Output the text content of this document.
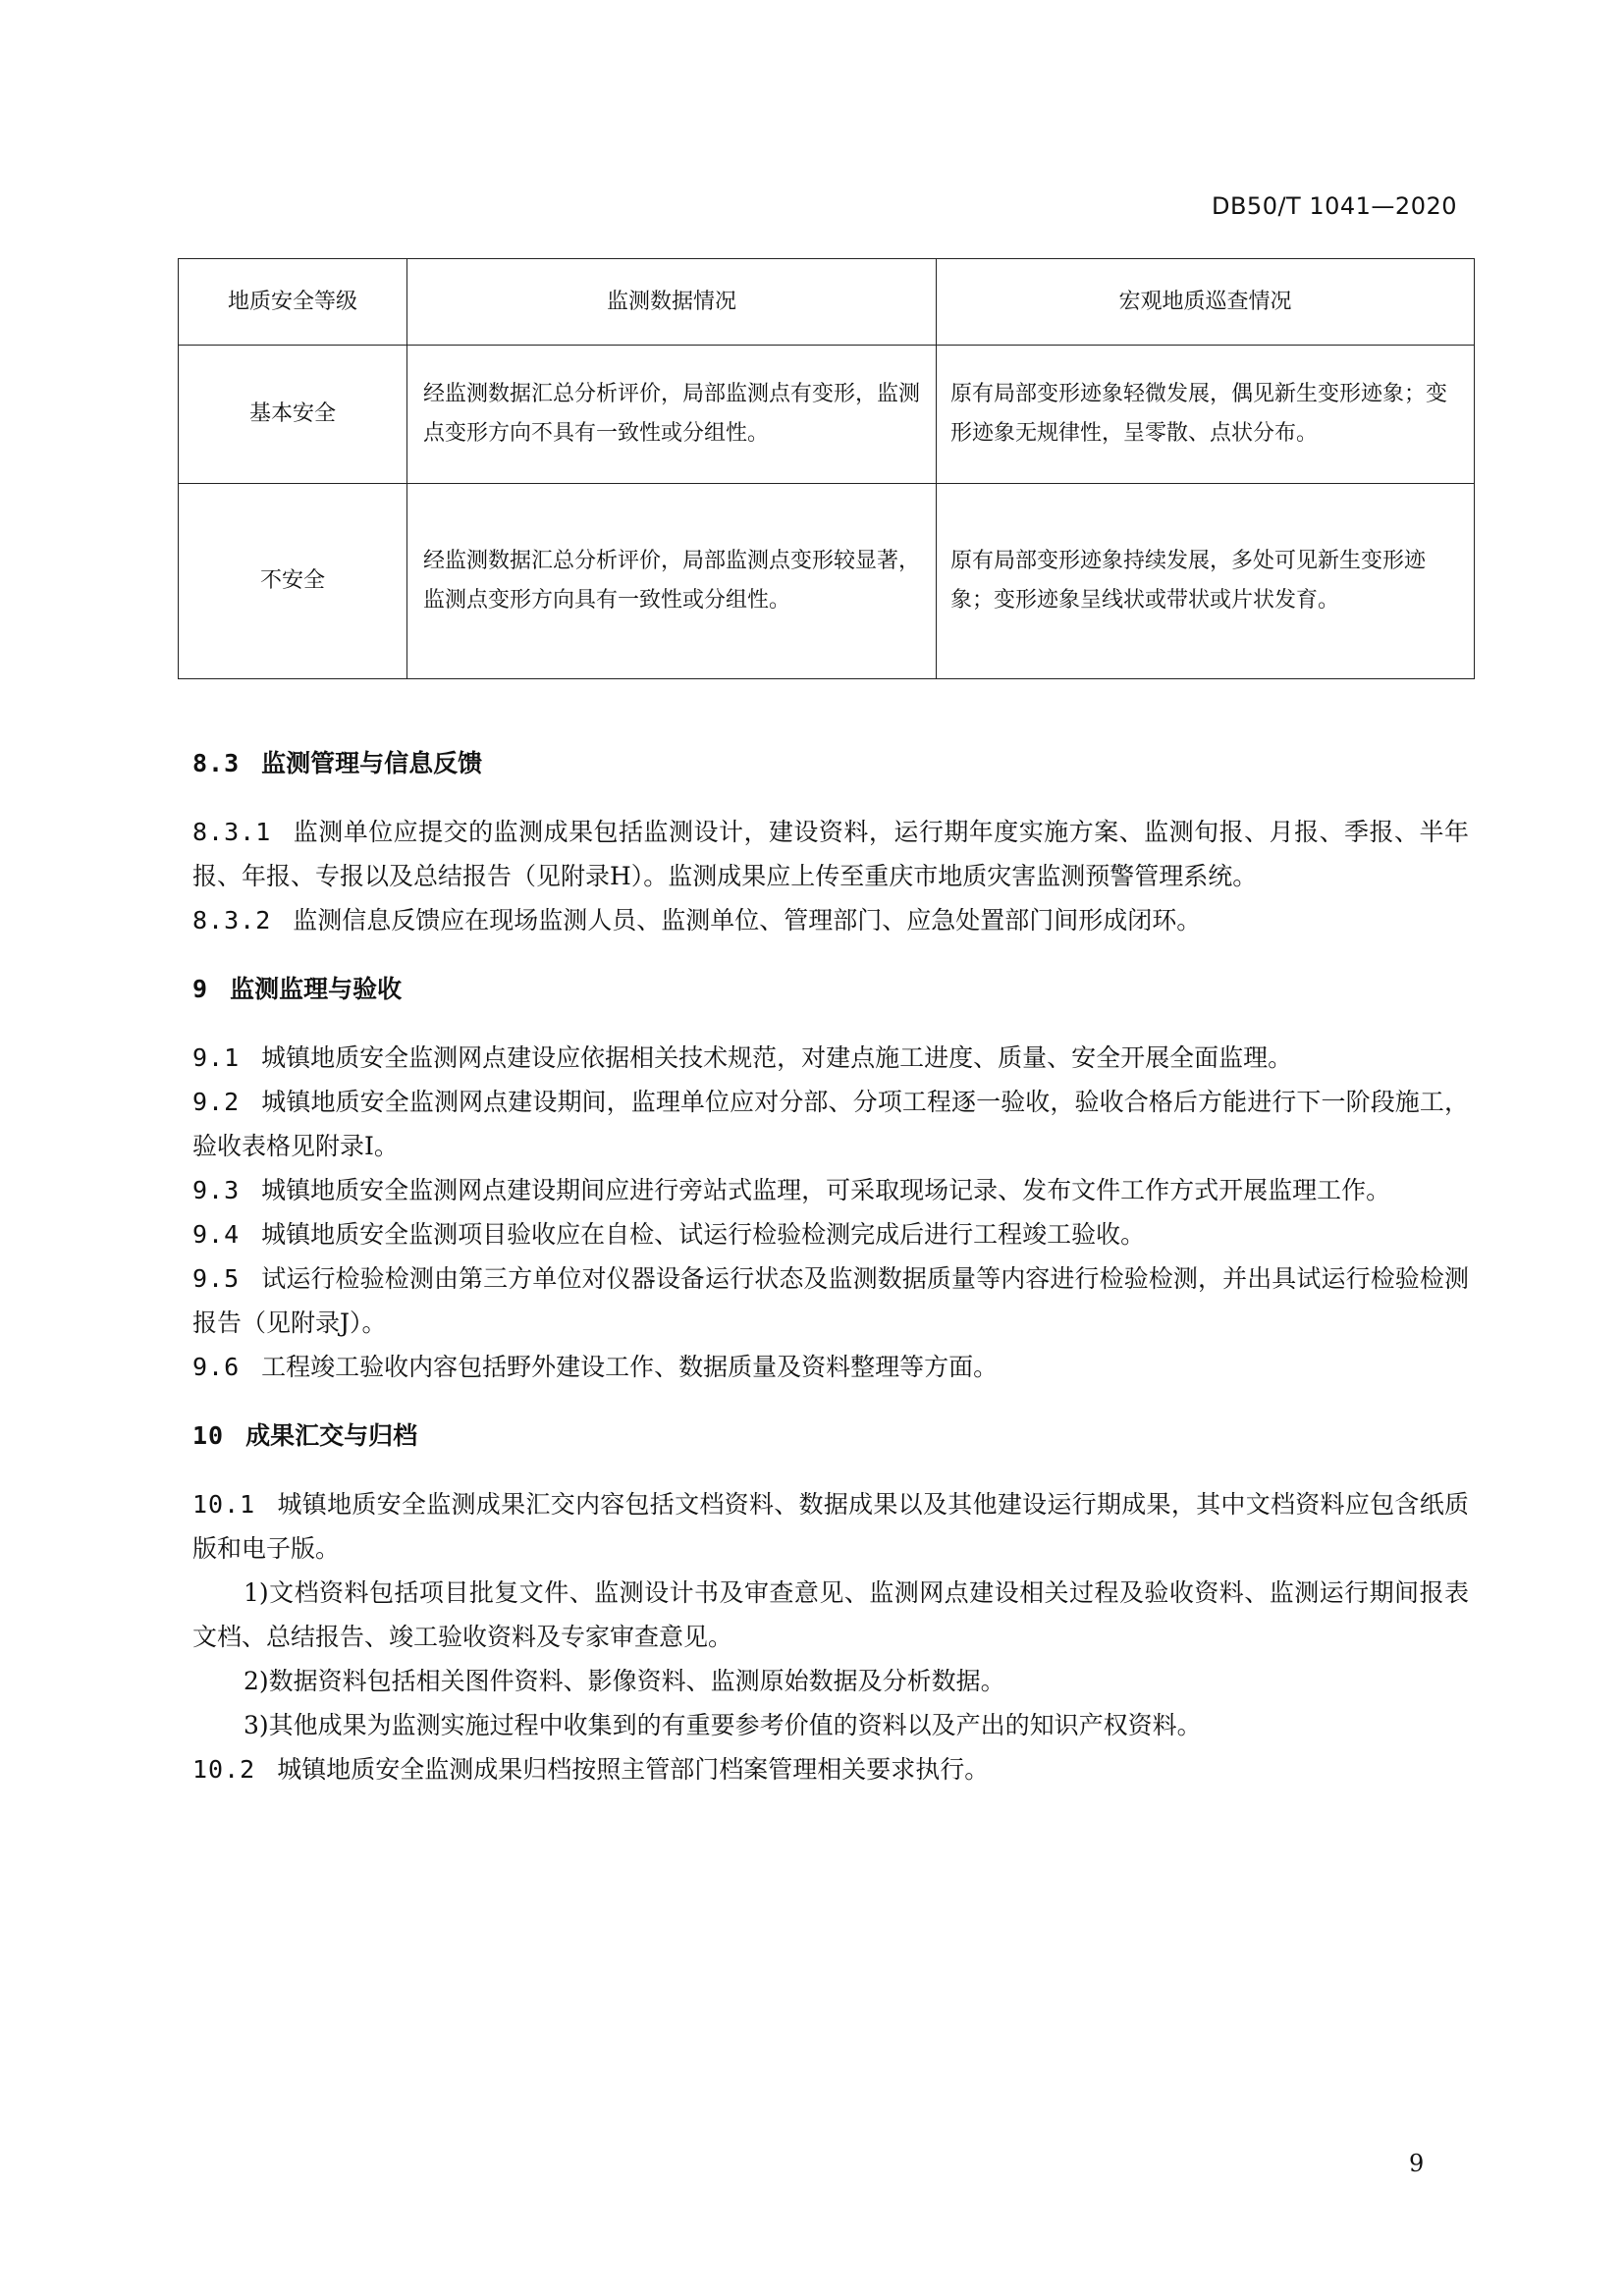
DB50/T 1041—2020
地质安全等级	监测数据情况	宏观地质巡查情况
基本安全	经监测数据汇总分析评价，局部监测点有变形，监测点变形方向不具有一致性或分组性。	原有局部变形迹象轻微发展，偶见新生变形迹象；变形迹象无规律性，呈零散、点状分布。
不安全	经监测数据汇总分析评价，局部监测点变形较显著，监测点变形方向具有一致性或分组性。	原有局部变形迹象持续发展，多处可见新生变形迹象；变形迹象呈线状或带状或片状发育。

8.3 监测管理与信息反馈

8.3.1 监测单位应提交的监测成果包括监测设计，建设资料，运行期年度实施方案、监测旬报、月报、季报、半年报、年报、专报以及总结报告（见附录H）。监测成果应上传至重庆市地质灾害监测预警管理系统。

8.3.2 监测信息反馈应在现场监测人员、监测单位、管理部门、应急处置部门间形成闭环。

9 监测监理与验收

9.1 城镇地质安全监测网点建设应依据相关技术规范，对建点施工进度、质量、安全开展全面监理。

9.2 城镇地质安全监测网点建设期间，监理单位应对分部、分项工程逐一验收，验收合格后方能进行下一阶段施工，验收表格见附录I。

9.3 城镇地质安全监测网点建设期间应进行旁站式监理，可采取现场记录、发布文件工作方式开展监理工作。

9.4 城镇地质安全监测项目验收应在自检、试运行检验检测完成后进行工程竣工验收。

9.5 试运行检验检测由第三方单位对仪器设备运行状态及监测数据质量等内容进行检验检测，并出具试运行检验检测报告（见附录J）。

9.6 工程竣工验收内容包括野外建设工作、数据质量及资料整理等方面。

10 成果汇交与归档

10.1 城镇地质安全监测成果汇交内容包括文档资料、数据成果以及其他建设运行期成果，其中文档资料应包含纸质版和电子版。

1)文档资料包括项目批复文件、监测设计书及审查意见、监测网点建设相关过程及验收资料、监测运行期间报表文档、总结报告、竣工验收资料及专家审查意见。

2)数据资料包括相关图件资料、影像资料、监测原始数据及分析数据。

3)其他成果为监测实施过程中收集到的有重要参考价值的资料以及产出的知识产权资料。

10.2 城镇地质安全监测成果归档按照主管部门档案管理相关要求执行。

9
